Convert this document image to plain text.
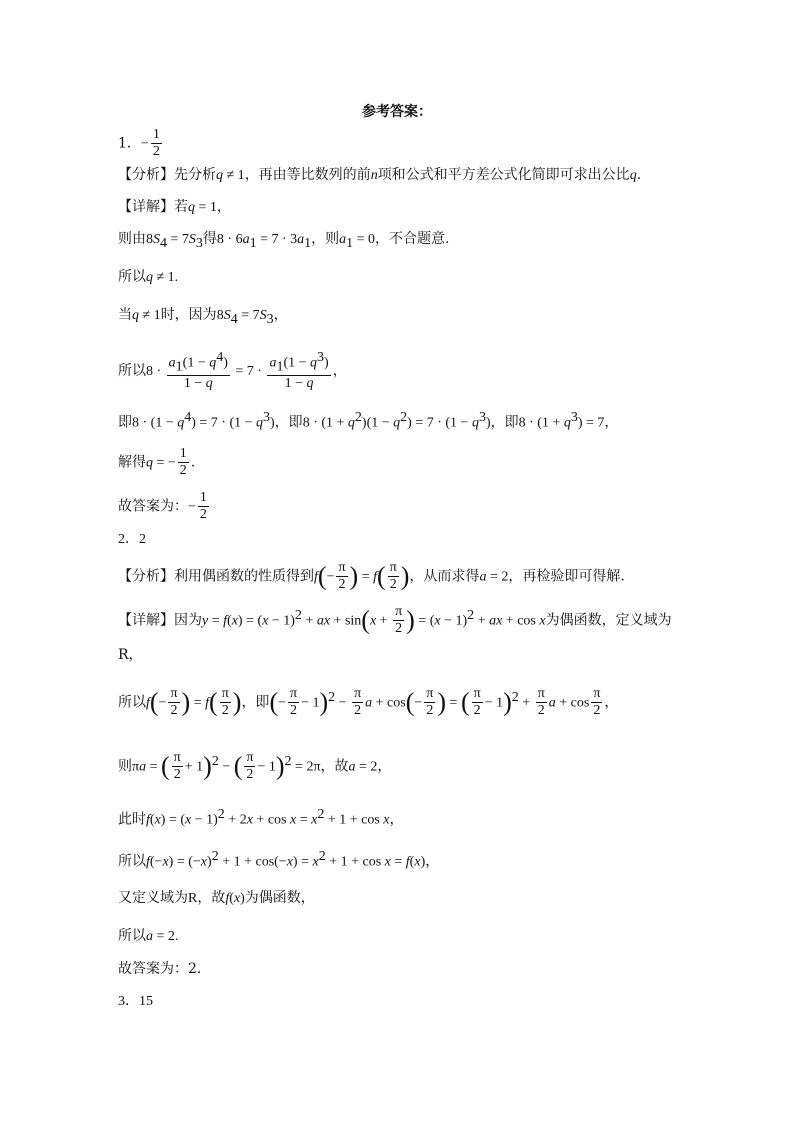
参考答案：
1．− $\frac{1}{2}$
【分析】先分析q ≠ 1，再由等比数列的前n项和公式和平方差公式化简即可求出公比q.
【详解】若q = 1，
则由$8S_4 = 7S_3$得$8 \cdot 6a_1 = 7 \cdot 3a_1$，则$a_1 = 0$，不合题意.
所以q ≠ 1.
当q ≠ 1时，因为$8S_4 = 7S_3$，
所以$8 \cdot \frac{a_1(1 - q^4)}{1 - q} = 7 \cdot \frac{a_1(1 - q^3)}{1 - q}$ ，
即$8 \cdot (1 - q^4) = 7 \cdot (1 - q^3)$，即$8 \cdot (1 + q^2)(1 - q^2) = 7 \cdot (1 - q^3)$，即$8 \cdot (1 + q^3) = 7$，
解得q = − $\frac{1}{2}$ .
故答案为：− $\frac{1}{2}$
2．2
【分析】利用偶函数的性质得到$f(- \frac{\pi}{2}$ ) = $f( \frac{\pi}{2}$ )，从而求得a = 2，再检验即可得解.
【详解】因为$y = f(x) = (x - 1)^2$ + ax + $\sin(x + \frac{\pi}{2}$ ) = $(x - 1)^2$ + ax + cos x为偶函数，定义域为
R，
所以$f(- \frac{\pi}{2}$ ) = $f( \frac{\pi}{2}$ )，即(− $\frac{\pi}{2} - 1)^2 - \frac{\pi}{2}$ $a + \cos(- \frac{\pi}{2}$ ) = ( $\frac{\pi}{2} - 1)^2 + \frac{\pi}{2}$ $a + \cos \frac{\pi}{2}$ ，
则πa = ( $\frac{\pi}{2} + 1)^2$ − ( $\frac{\pi}{2} - 1)^2 = 2\pi$，故a = 2，
此时$f(x) = (x - 1)^2 + 2x + \cos x = x^2 + 1 + \cos x$，
所以$f(-x) = (-x)^2 + 1 + \cos(-x) = x^2 + 1 + \cos x = f(x)$，
又定义域为R，故f(x)为偶函数，
所以a = 2.
故答案为：2.
3．15
